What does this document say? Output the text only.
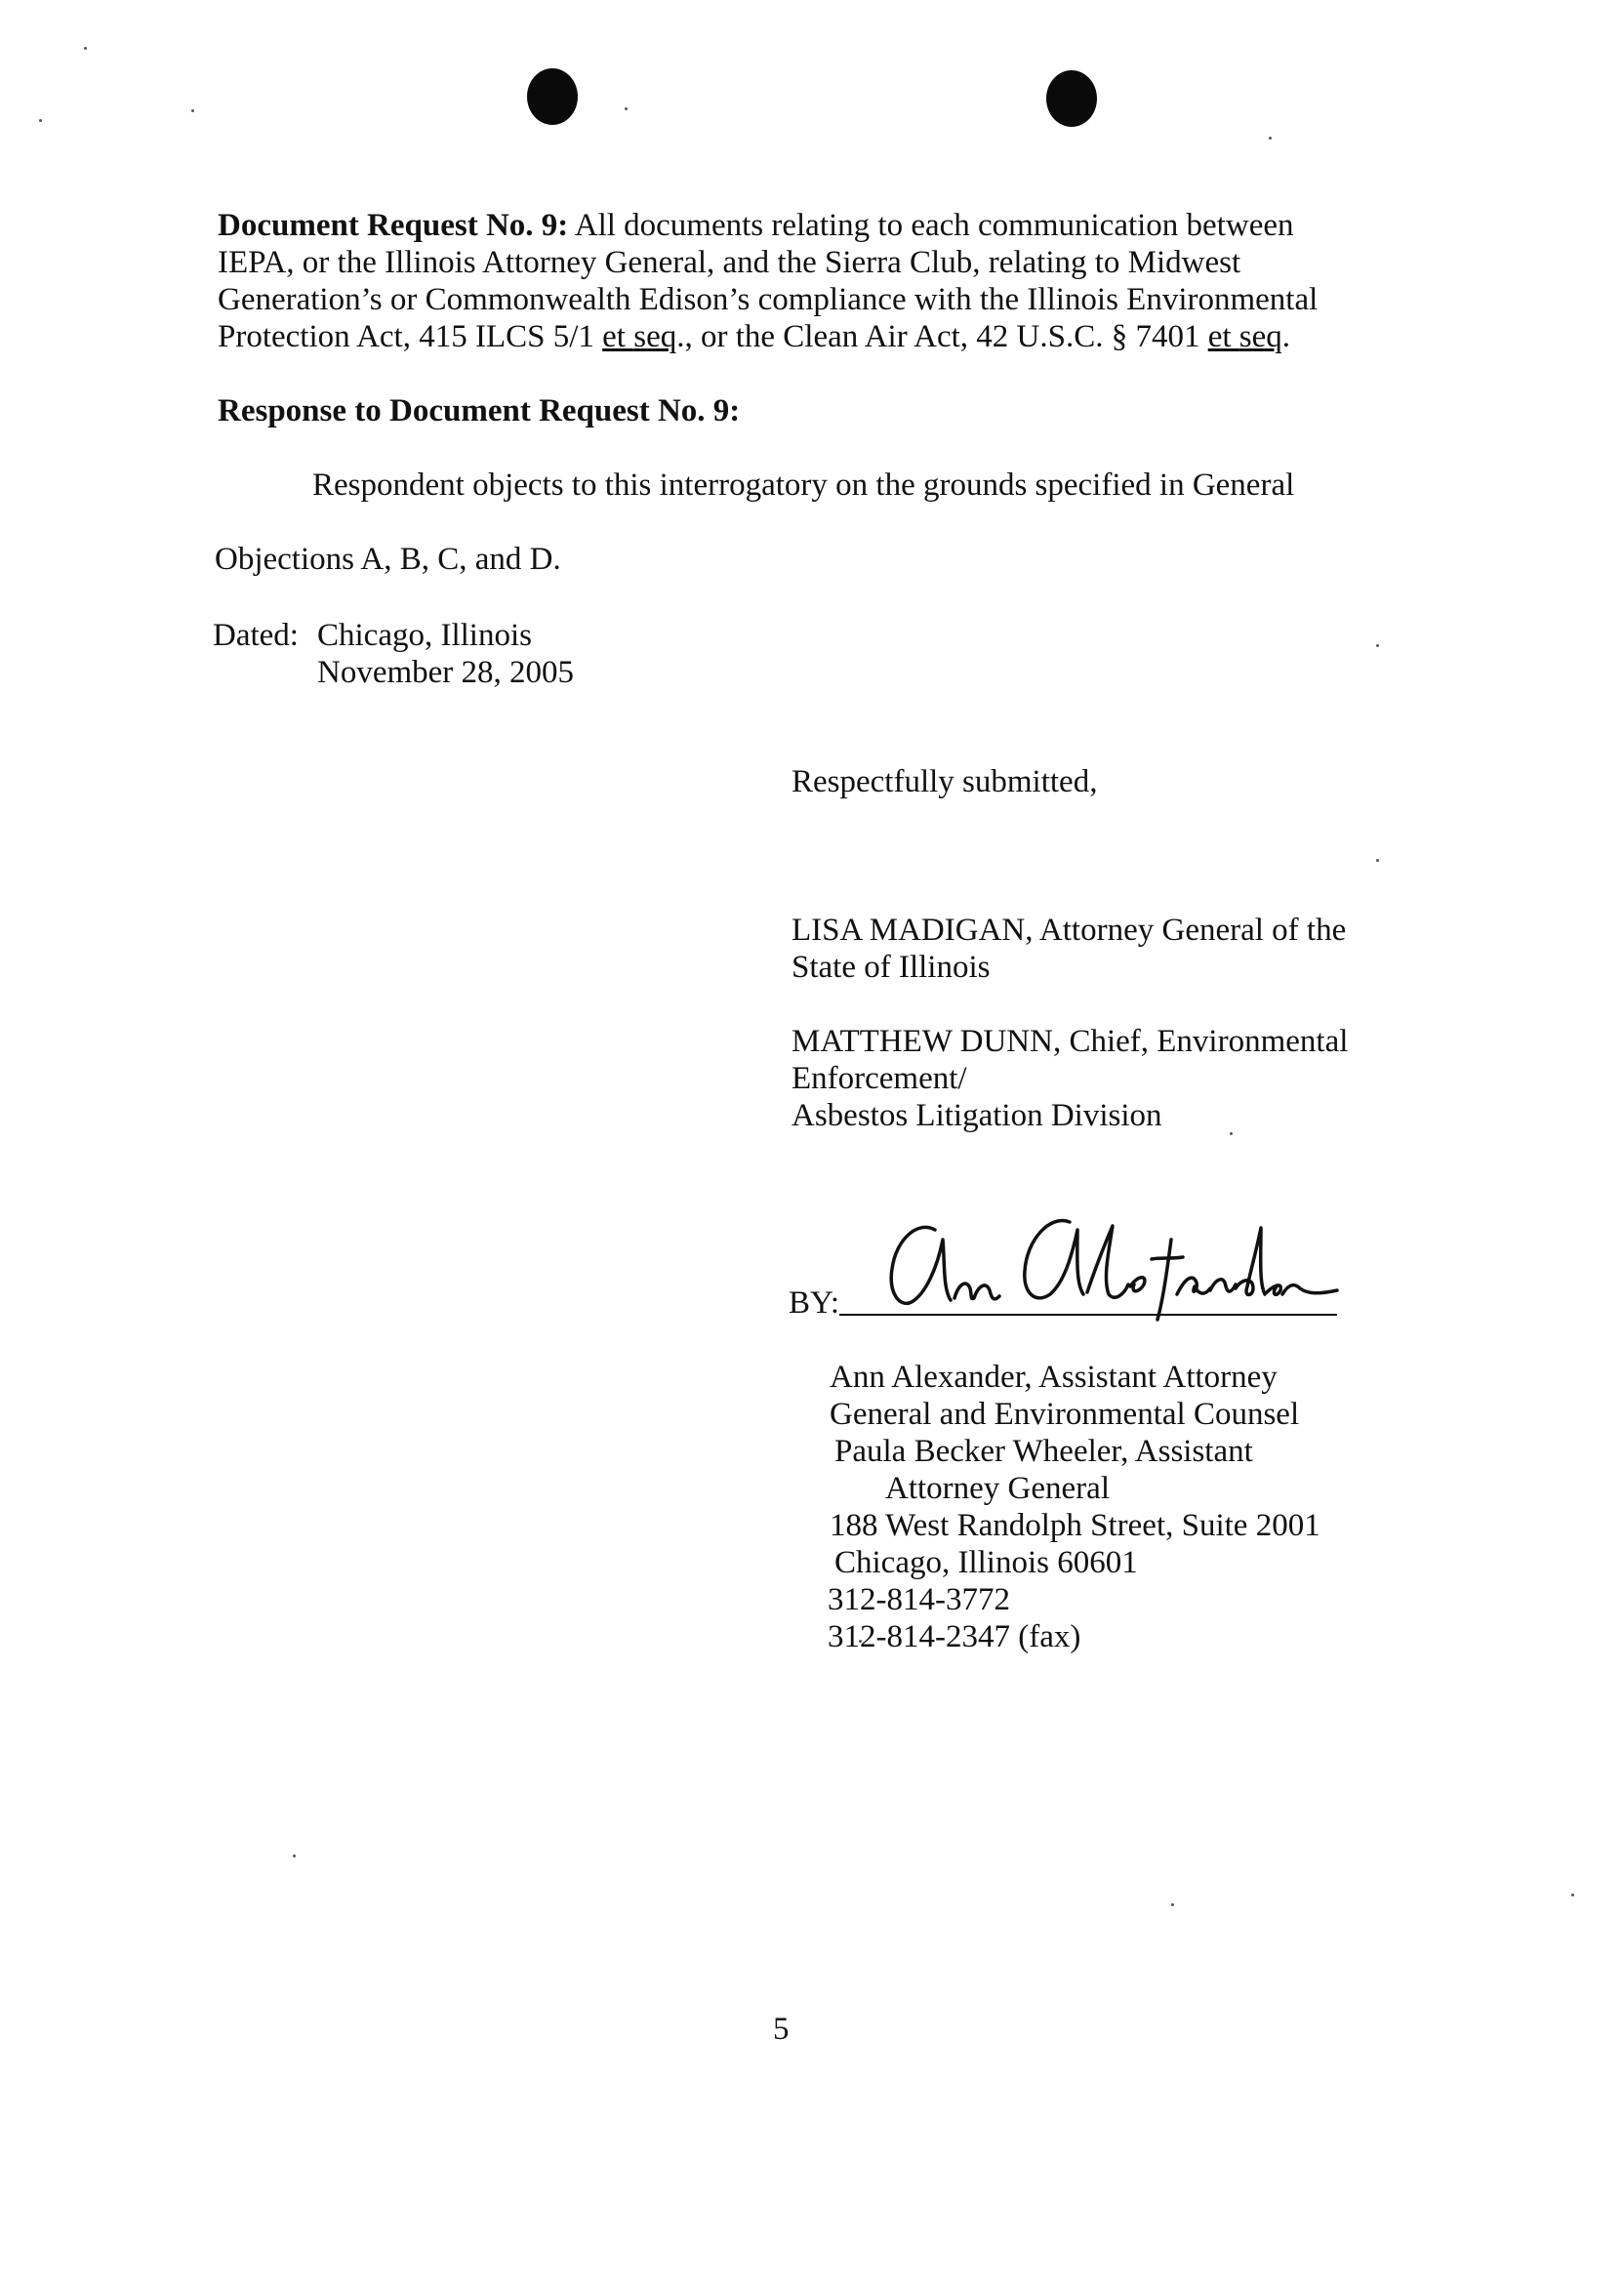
Document Request No. 9: All documents relating to each communication between
IEPA, or the Illinois Attorney General, and the Sierra Club, relating to Midwest
Generation’s or Commonwealth Edison’s compliance with the Illinois Environmental
Protection Act, 415 ILCS 5/1 et seq., or the Clean Air Act, 42 U.S.C. § 7401 et seq.
Response to Document Request No. 9:
Respondent objects to this interrogatory on the grounds specified in General
Objections A, B, C, and D.
Dated: Chicago, Illinois
November 28, 2005
Respectfully submitted,
LISA MADIGAN, Attorney General of the
State of Illinois
MATTHEW DUNN, Chief, Environmental
Enforcement/
Asbestos Litigation Division
BY:
Ann Alexander, Assistant Attorney
General and Environmental Counsel
Paula Becker Wheeler, Assistant
Attorney General
188 West Randolph Street, Suite 2001
Chicago, Illinois 60601
312-814-3772
312-814-2347 (fax)
5
